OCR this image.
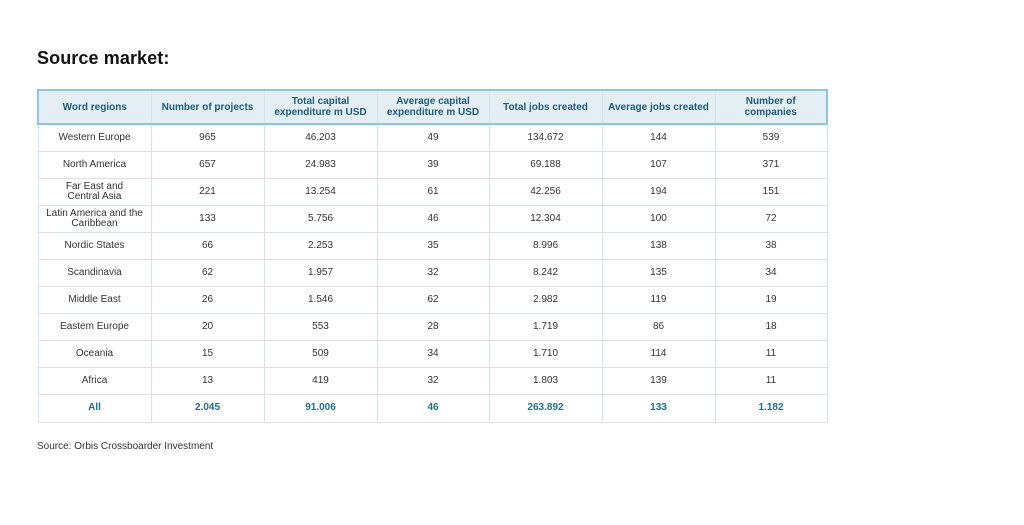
Source market:
Word regions	Number of projects	Total capital expenditure m USD	Average capital expenditure m USD	Total jobs created	Average jobs created	Number of companies
Western Europe	965	46.203	49	134.672	144	539
North America	657	24.983	39	69.188	107	371
Far East and Central Asia	221	13.254	61	42.256	194	151
Latin America and the Caribbean	133	5.756	46	12.304	100	72
Nordic States	66	2.253	35	8.996	138	38
Scandinavia	62	1.957	32	8.242	135	34
Middle East	26	1.546	62	2.982	119	19
Eastem Europe	20	553	28	1.719	86	18
Oceania	15	509	34	1.710	114	11
Africa	13	419	32	1.803	139	11
All	2.045	91.006	46	263.892	133	1.182
Source: Orbis Crossboarder Investment
